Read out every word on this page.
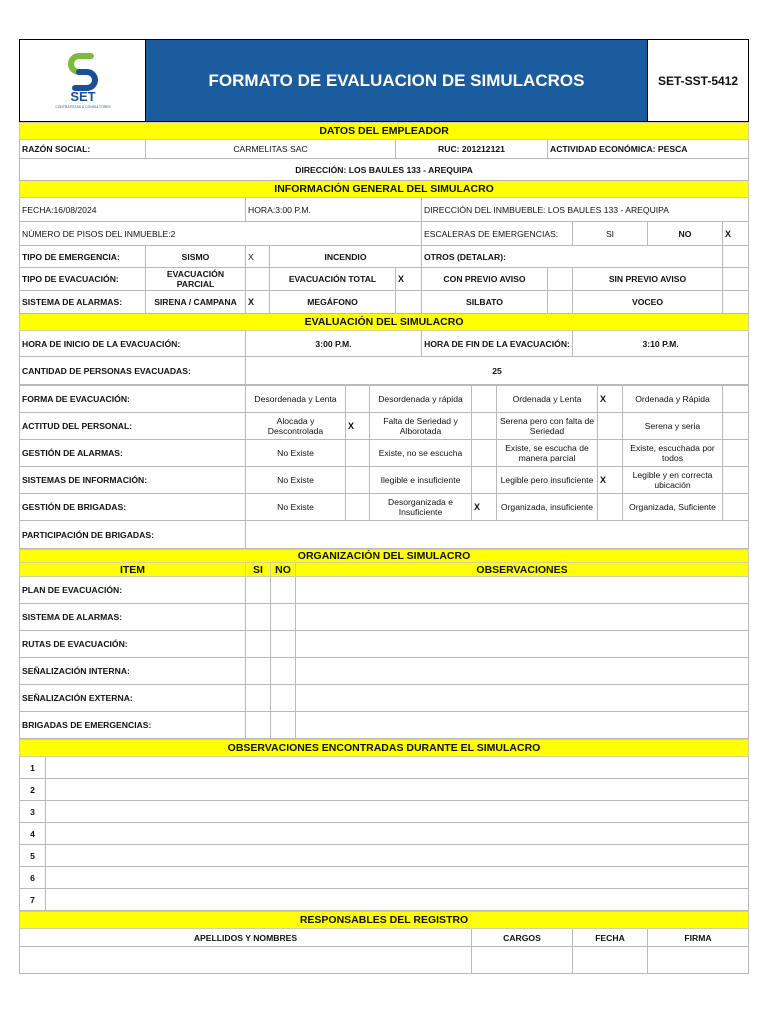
SET
CONTRATISTAS & CONSULTORES
	FORMATO DE EVALUACION DE SIMULACROS	SET-SST-5412
DATOS DEL EMPLEADOR									
RAZÓN SOCIAL:	CARMELITAS SAC			RUC: 201212121		ACTIVIDAD ECONÓMICA: PESCA			
DIRECCIÓN: LOS BAULES 133 - AREQUIPA									
INFORMACIÓN GENERAL DEL SIMULACRO									
FECHA:16/08/2024		HORA:3:00 P.M.			DIRECCIÓN DEL INMBUEBLE: LOS BAULES 133 - AREQUIPA				
NÚMERO DE PISOS DEL INMUEBLE:2					ESCALERAS DE EMERGENCIAS:		SI	NO	X
TIPO DE EMERGENCIA:	SISMO	X	INCENDIO		OTROS (DETALAR):				
TIPO DE EVACUACIÓN:	EVACUACIÓN PARCIAL		EVACUACIÓN TOTAL	X	CON PREVIO AVISO		SIN PREVIO AVISO		
SISTEMA DE ALARMAS:	SIRENA / CAMPANA	X	MEGÁFONO		SILBATO		VOCEO		
EVALUACIÓN DEL SIMULACRO									
HORA DE INICIO DE LA EVACUACIÓN:		3:00 P.M.			HORA DE FIN DE LA EVACUACIÓN:		3:10 P.M.		
CANTIDAD DE PERSONAS EVACUADAS:		25							
FORMA DE EVACUACIÓN:	Desordenada y Lenta		Desordenada y rápida		Ordenada y Lenta	X	Ordenada y Rápida	
ACTITUD DEL PERSONAL:	Alocada y Descontrolada	X	Falta de Seriedad y Alborotada		Serena pero con falta de Seriedad		Serena y seria	
GESTIÓN DE ALARMAS:	No Existe		Existe, no se escucha		Existe, se escucha de manera parcial		Existe, escuchada por todos	
SISTEMAS DE INFORMACIÓN:	No Existe		Ilegible e insuficiente		Legible pero insuficiente	X	Legible y en correcta ubicación	
GESTIÓN DE BRIGADAS:	No Existe		Desorganizada e Insuficiente	X	Organizada, insuficiente		Organizada, Suficiente	
PARTICIPACIÓN DE BRIGADAS:								
ORGANIZACIÓN DEL SIMULACRO			
ITEM	SI	NO	OBSERVACIONES
PLAN DE EVACUACIÓN:			
SISTEMA DE ALARMAS:			
RUTAS DE EVACUACIÓN:			
SEÑALIZACIÓN INTERNA:			
SEÑALIZACIÓN EXTERNA:			
BRIGADAS DE EMERGENCIAS:			
OBSERVACIONES ENCONTRADAS DURANTE EL SIMULACRO	
1	
2	
3	
4	
5	
6	
7	
RESPONSABLES DEL REGISTRO			
APELLIDOS Y NOMBRES	CARGOS	FECHA	FIRMA
